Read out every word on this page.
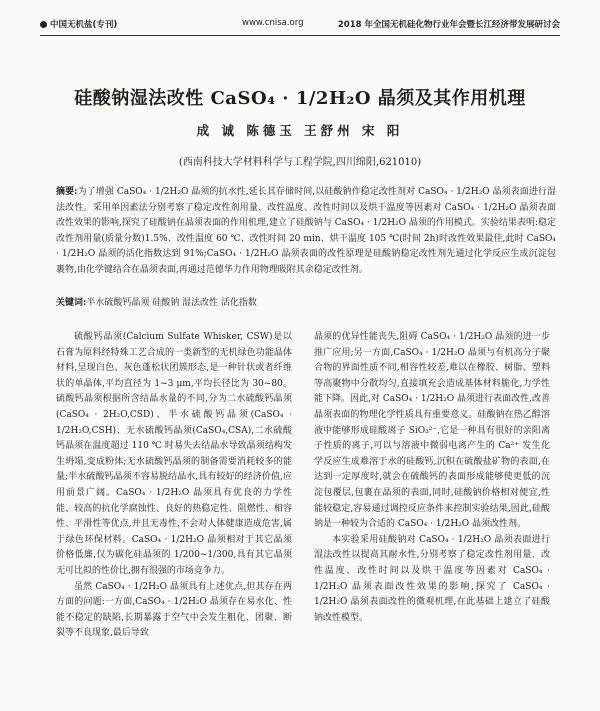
中国无机盐(专刊)	www.cnisa.org	2018 年全国无机硅化物行业年会暨长江经济带发展研讨会
硅酸钠湿法改性 CaSO₄ · 1/2H₂O 晶须及其作用机理
成 诚 陈德玉 王舒州 宋 阳
(西南科技大学材料科学与工程学院,四川绵阳,621010)
摘要:为了增强 CaSO₄ · 1/2H₂O 晶须的抗水性,延长其存储时间,以硅酸钠作稳定改性剂对 CaSO₄ · 1/2H₂O 晶须表面进行湿法改性。采用单因素法分别考察了稳定改性剂用量、改性温度、改性时间以及烘干温度等因素对 CaSO₄ · 1/2H₂O 晶须表面改性效果的影响,探究了硅酸钠在晶须表面的作用机理,建立了硅酸钠与 CaSO₄ · 1/2H₂O 晶须的作用模式。实验结果表明:稳定改性剂用量(质量分数)1.5%、改性温度 60 ℃、改性时间 20 min、烘干温度 105 ℃(时间 2h)时改性效果最佳,此时 CaSO₄ · 1/2H₂O 晶须的活化指数达到 91%;CaSO₄ · 1/2H₂O 晶须表面的改性原理是硅酸钠稳定改性剂先通过化学反应生成沉淀包裹物,由化学键结合在晶须表面,再通过范德华力作用物理吸附其余稳定改性剂。
关键词:半水硫酸钙晶须 硅酸钠 湿法改性 活化指数

硫酸钙晶须(Calcium Sulfate Whisker, CSW)是以石膏为原料经特殊工艺合成的一类新型的无机绿色功能晶体材料,呈现白色、灰色蓬松状团簇形态,是一种针状或者纤维状的单晶体,平均直径为 1~3 μm,平均长径比为 30~80。硫酸钙晶须根据所含结晶水量的不同,分为二水硫酸钙晶须(CaSO₄ · 2H₂O,CSD)、半水硫酸钙晶须(CaSO₄ · 1/2H₂O,CSH)、无水硫酸钙晶须(CaSO₄,CSA),二水硫酸钙晶须在温度超过 110 ℃ 时易失去结晶水导致晶须结构发生坍塌,变成粉体;无水硫酸钙晶须的制备需要消耗较多的能量;半水硫酸钙晶须不容易脱结晶水,具有较好的经济价值,应用前景广阔。CaSO₄ · 1/2H₂O 晶须具有优良的力学性能、较高的抗化学腐蚀性、良好的热稳定性、阻燃性、相容性、平滑性等优点,并且无毒性,不会对人体健康造成危害,属于绿色环保材料。CaSO₄ · 1/2H₂O 晶须相对于其它晶须价格低廉,仅为碳化硅晶须的 1/200~1/300,具有其它晶须无可比拟的性价比,拥有很强的市场竞争力。

虽然 CaSO₄ · 1/2H₂O 晶须具有上述优点,但其存在两方面的问题:一方面,CaSO₄ · 1/2H₂O 晶须存在易水化、性能不稳定的缺陷,长期暴露于空气中会发生粗化、团聚、断裂等不良现象,最后导致

晶须的优异性能丧失,阻碍 CaSO₄ · 1/2H₂O 晶须的进一步推广应用;另一方面,CaSO₄ · 1/2H₂O 晶须与有机高分子聚合物的界面性质不同,相容性较差,难以在橡胶、树脂、塑料等高聚物中分散均匀,直接填充会造成基体材料脆化,力学性能下降。因此,对 CaSO₄ · 1/2H₂O 晶须进行表面改性,改善晶须表面的物理化学性质具有重要意义。硅酸钠在热乙醇溶液中能够形成硅酸离子 SiO₃²⁻,它是一种具有很好的亲阳离子性质的离子,可以与溶液中微弱电离产生的 Ca²⁺ 发生化学反应生成难溶于水的硅酸钙,沉积在硫酸盐矿物的表面,在达到一定厚度时,就会在硫酸钙的表面形成能够使更低的沉淀包覆层,包裹在晶须的表面,同时,硅酸钠价格相对便宜,性能较稳定,容易通过调控反应条件来控制实验结果,因此,硅酸钠是一种较为合适的 CaSO₄ · 1/2H₂O 晶须改性剂。

本实验采用硅酸钠对 CaSO₄ · 1/2H₂O 晶须表面进行湿法改性以提高其耐水性,分别考察了稳定改性剂用量、改性温度、改性时间以及烘干温度等因素对 CaSO₄ · 1/2H₂O 晶须表面改性效果的影响,探究了 CaSO₄ · 1/2H₂O 晶须表面改性的微观机理,在此基础上建立了硅酸钠改性模型。
